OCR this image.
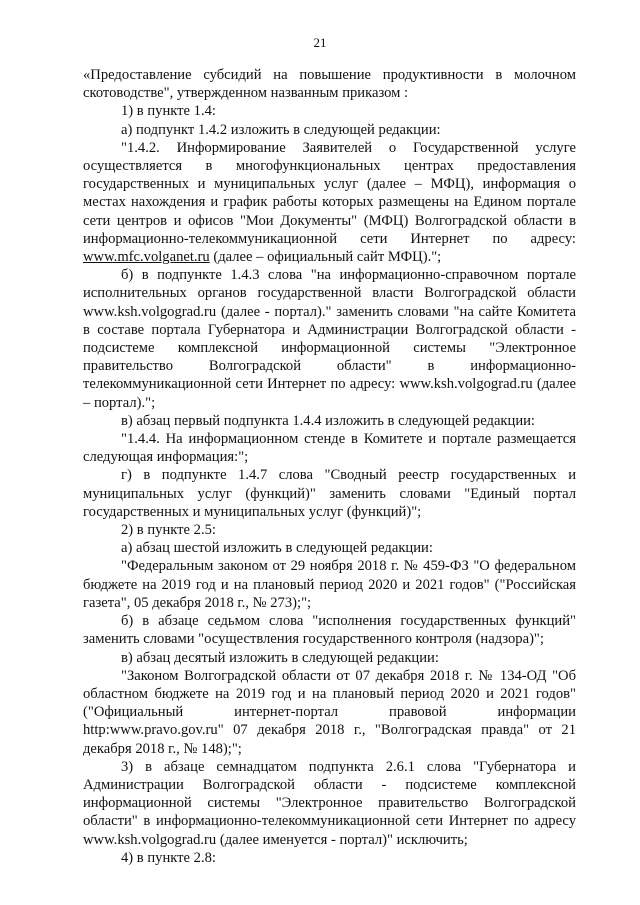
21

«Предоставление субсидий на повышение продуктивности в молочном скотоводстве", утвержденном названным приказом :

1) в пункте 1.4:

а) подпункт 1.4.2 изложить в следующей редакции:

"1.4.2. Информирование Заявителей о Государственной услуге осуществляется в многофункциональных центрах предоставления государственных и муниципальных услуг (далее – МФЦ), информация о местах нахождения и график работы которых размещены на Едином портале сети центров и офисов "Мои Документы" (МФЦ) Волгоградской области в информационно-телекоммуникационной сети Интернет по адресу: www.mfc.volganet.ru (далее – официальный сайт МФЦ).";

б) в подпункте 1.4.3 слова "на информационно-справочном портале исполнительных органов государственной власти Волгоградской области www.ksh.volgograd.ru (далее - портал)." заменить словами "на сайте Комитета в составе портала Губернатора и Администрации Волгоградской области - подсистеме комплексной информационной системы "Электронное правительство Волгоградской области" в информационно-телекоммуникационной сети Интернет по адресу: www.ksh.volgograd.ru (далее – портал).";

в) абзац первый подпункта 1.4.4 изложить в следующей редакции:

"1.4.4. На информационном стенде в Комитете и портале размещается следующая информация:";

г) в подпункте 1.4.7 слова "Сводный реестр государственных и муниципальных услуг (функций)" заменить словами "Единый портал государственных и муниципальных услуг (функций)";

2) в пункте 2.5:

а) абзац шестой изложить в следующей редакции:

"Федеральным законом от 29 ноября 2018 г. № 459-ФЗ "О федеральном бюджете на 2019 год и на плановый период 2020 и 2021 годов" ("Российская газета", 05 декабря 2018 г., № 273);";

б) в абзаце седьмом слова "исполнения государственных функций" заменить словами "осуществления государственного контроля (надзора)";

в) абзац десятый изложить в следующей редакции:

"Законом Волгоградской области от 07 декабря 2018 г. № 134-ОД "Об областном бюджете на 2019 год и на плановый период 2020 и 2021 годов" ("Официальный интернет-портал правовой информации http:www.pravo.gov.ru" 07 декабря 2018 г., "Волгоградская правда" от 21 декабря 2018 г., № 148);";

3) в абзаце семнадцатом подпункта 2.6.1 слова "Губернатора и Администрации Волгоградской области - подсистеме комплексной информационной системы "Электронное правительство Волгоградской области" в информационно-телекоммуникационной сети Интернет по адресу www.ksh.volgograd.ru (далее именуется - портал)" исключить;

4) в пункте 2.8:
